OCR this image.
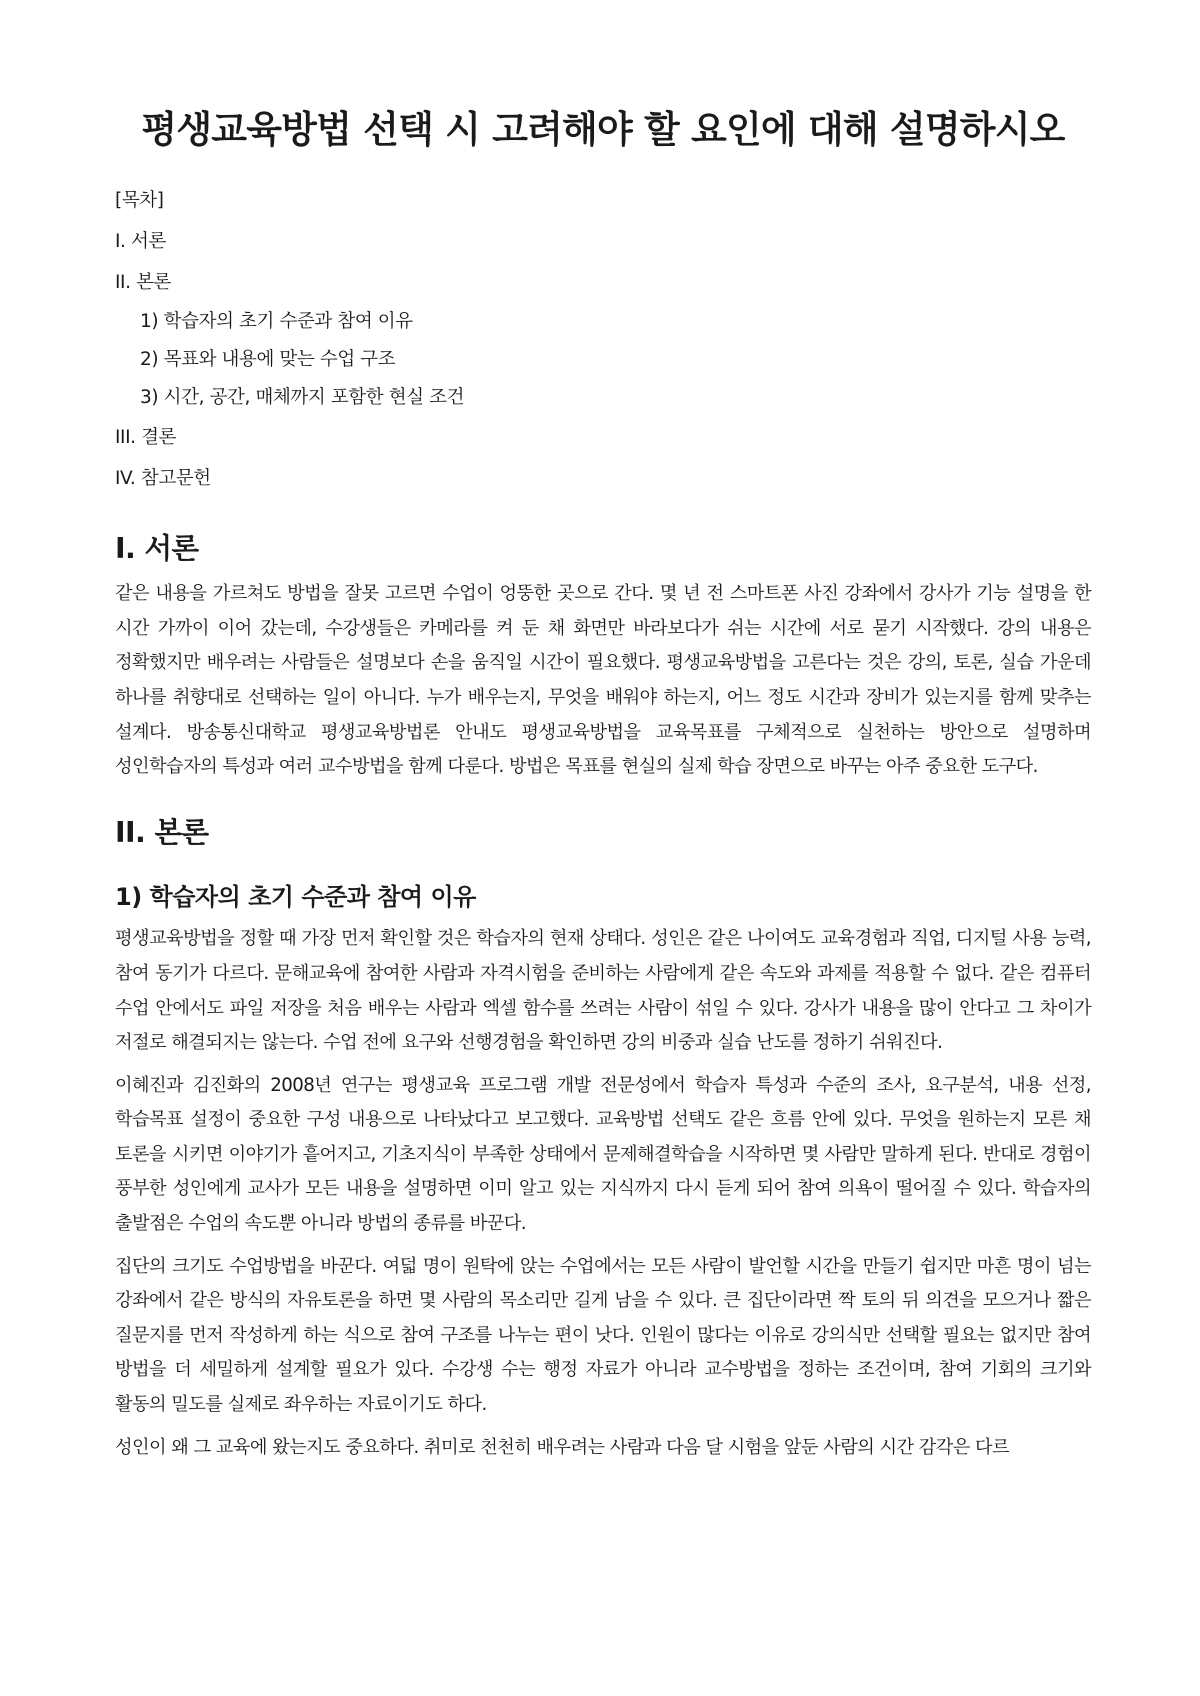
평생교육방법 선택 시 고려해야 할 요인에 대해 설명하시오
[목차]
I. 서론
II. 본론
1) 학습자의 초기 수준과 참여 이유
2) 목표와 내용에 맞는 수업 구조
3) 시간, 공간, 매체까지 포함한 현실 조건
III. 결론
IV. 참고문헌
I. 서론

같은 내용을 가르쳐도 방법을 잘못 고르면 수업이 엉뚱한 곳으로 간다. 몇 년 전 스마트폰 사진 강좌에서 강사가 기능 설명을 한 시간 가까이 이어 갔는데, 수강생들은 카메라를 켜 둔 채 화면만 바라보다가 쉬는 시간에 서로 묻기 시작했다. 강의 내용은 정확했지만 배우려는 사람들은 설명보다 손을 움직일 시간이 필요했다. 평생교육방법을 고른다는 것은 강의, 토론, 실습 가운데 하나를 취향대로 선택하는 일이 아니다. 누가 배우는지, 무엇을 배워야 하는지, 어느 정도 시간과 장비가 있는지를 함께 맞추는 설계다. 방송통신대학교 평생교육방법론 안내도 평생교육방법을 교육목표를 구체적으로 실천하는 방안으로 설명하며 성인학습자의 특성과 여러 교수방법을 함께 다룬다. 방법은 목표를 현실의 실제 학습 장면으로 바꾸는 아주 중요한 도구다.

II. 본론
1) 학습자의 초기 수준과 참여 이유

평생교육방법을 정할 때 가장 먼저 확인할 것은 학습자의 현재 상태다. 성인은 같은 나이여도 교육경험과 직업, 디지털 사용 능력, 참여 동기가 다르다. 문해교육에 참여한 사람과 자격시험을 준비하는 사람에게 같은 속도와 과제를 적용할 수 없다. 같은 컴퓨터 수업 안에서도 파일 저장을 처음 배우는 사람과 엑셀 함수를 쓰려는 사람이 섞일 수 있다. 강사가 내용을 많이 안다고 그 차이가 저절로 해결되지는 않는다. 수업 전에 요구와 선행경험을 확인하면 강의 비중과 실습 난도를 정하기 쉬워진다.

이혜진과 김진화의 2008년 연구는 평생교육 프로그램 개발 전문성에서 학습자 특성과 수준의 조사, 요구분석, 내용 선정, 학습목표 설정이 중요한 구성 내용으로 나타났다고 보고했다. 교육방법 선택도 같은 흐름 안에 있다. 무엇을 원하는지 모른 채 토론을 시키면 이야기가 흩어지고, 기초지식이 부족한 상태에서 문제해결학습을 시작하면 몇 사람만 말하게 된다. 반대로 경험이 풍부한 성인에게 교사가 모든 내용을 설명하면 이미 알고 있는 지식까지 다시 듣게 되어 참여 의욕이 떨어질 수 있다. 학습자의 출발점은 수업의 속도뿐 아니라 방법의 종류를 바꾼다.

집단의 크기도 수업방법을 바꾼다. 여덟 명이 원탁에 앉는 수업에서는 모든 사람이 발언할 시간을 만들기 쉽지만 마흔 명이 넘는 강좌에서 같은 방식의 자유토론을 하면 몇 사람의 목소리만 길게 남을 수 있다. 큰 집단이라면 짝 토의 뒤 의견을 모으거나 짧은 질문지를 먼저 작성하게 하는 식으로 참여 구조를 나누는 편이 낫다. 인원이 많다는 이유로 강의식만 선택할 필요는 없지만 참여 방법을 더 세밀하게 설계할 필요가 있다. 수강생 수는 행정 자료가 아니라 교수방법을 정하는 조건이며, 참여 기회의 크기와 활동의 밀도를 실제로 좌우하는 자료이기도 하다.

성인이 왜 그 교육에 왔는지도 중요하다. 취미로 천천히 배우려는 사람과 다음 달 시험을 앞둔 사람의 시간 감각은 다르
